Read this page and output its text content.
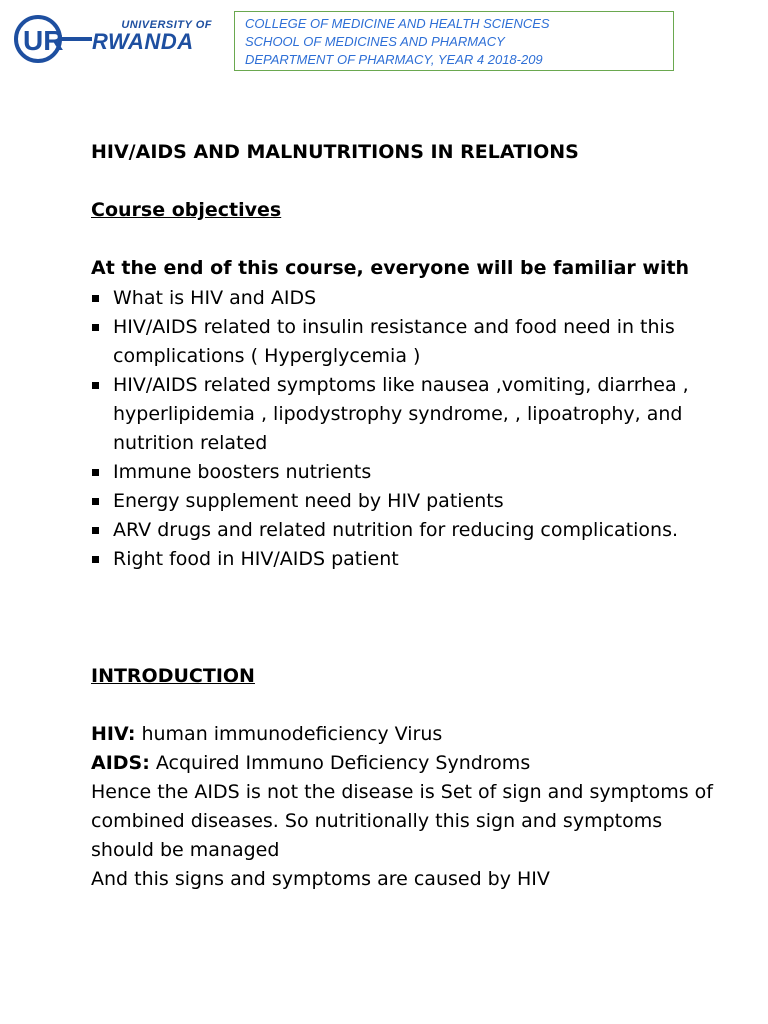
UR	UNIVERSITY OF
RWANDA
COLLEGE OF MEDICINE AND HEALTH SCIENCES
SCHOOL OF MEDICINES AND PHARMACY
DEPARTMENT OF PHARMACY, YEAR 4 2018-209
HIV/AIDS AND MALNUTRITIONS IN RELATIONS
Course objectives
At the end of this course, everyone will be familiar with
What is HIV and AIDS
HIV/AIDS related to insulin resistance and food need in this complications ( Hyperglycemia )
HIV/AIDS related symptoms like nausea ,vomiting, diarrhea , hyperlipidemia , lipodystrophy syndrome, , lipoatrophy, and nutrition related
Immune boosters nutrients
Energy supplement need by HIV patients
ARV drugs and related nutrition for reducing complications.
Right food in HIV/AIDS patient
INTRODUCTION
HIV: human immunodeficiency Virus
AIDS: Acquired Immuno Deficiency Syndroms
Hence the AIDS is not the disease is Set of sign and symptoms of combined diseases. So nutritionally this sign and symptoms should be managed
And this signs and symptoms are caused by HIV
